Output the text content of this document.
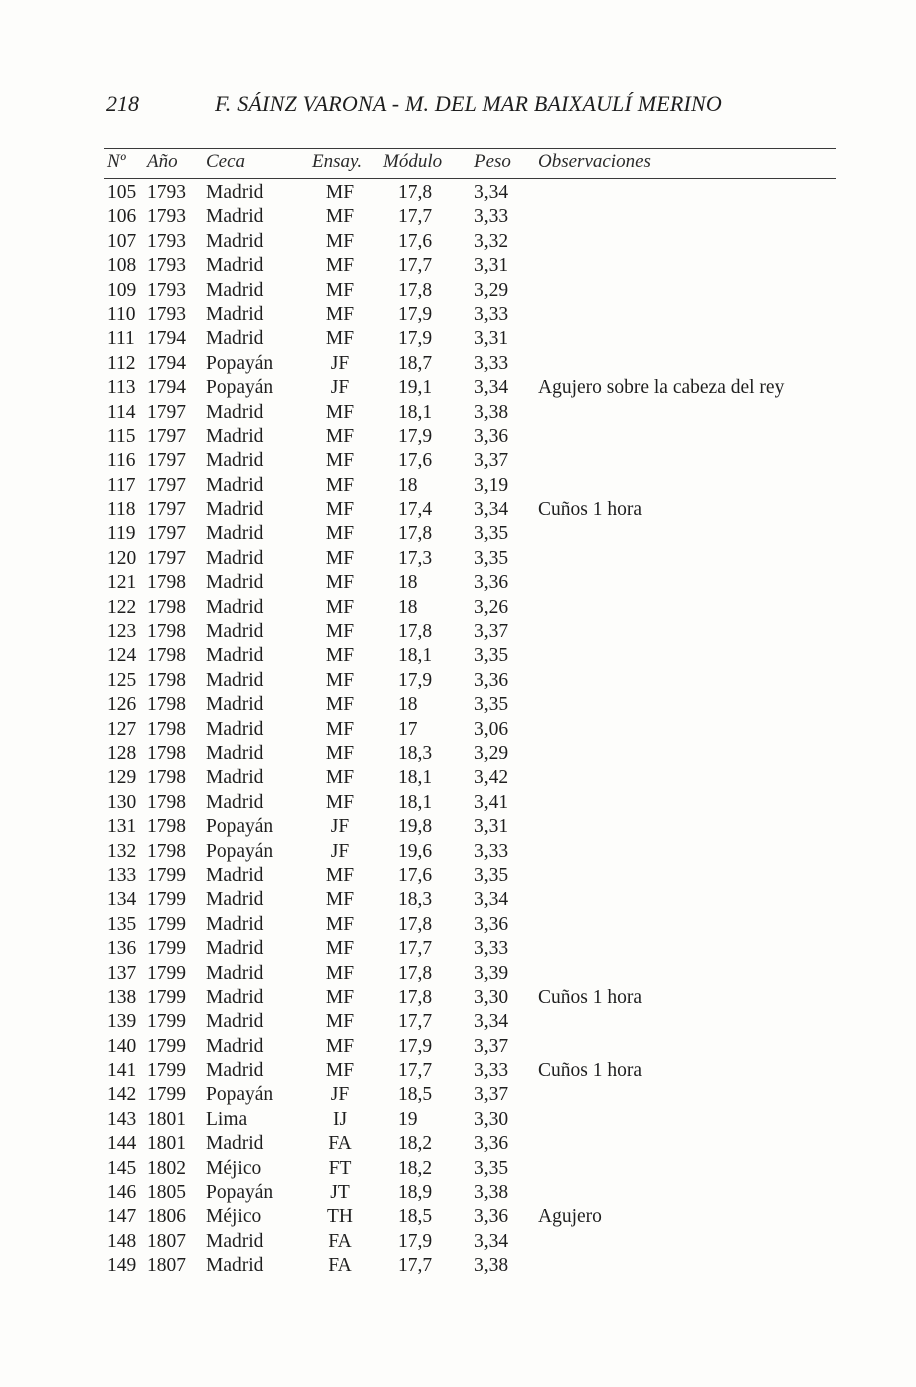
218	F. SÁINZ VARONA - M. DEL MAR BAIXAULÍ MERINO
Nº Año Ceca	Ensay. Módulo Peso Observaciones
105 1793 Madrid	MF	17,8 3,34
106 1793 Madrid	MF	17,7 3,33
107 1793 Madrid	MF	17,6 3,32
108 1793 Madrid	MF	17,7 3,31
109 1793 Madrid	MF	17,8 3,29
110 1793 Madrid	MF	17,9 3,33
111 1794 Madrid	MF	17,9 3,31
112 1794 Popayán	JF	18,7 3,33
113 1794 Popayán	JF	19,1 3,34 Agujero sobre la cabeza del rey
114 1797 Madrid	MF	18,1 3,38
115 1797 Madrid	MF	17,9 3,36
116 1797 Madrid	MF	17,6 3,37
117 1797 Madrid	MF	18	3,19
118 1797 Madrid	MF	17,4 3,34 Cuños 1 hora
119 1797 Madrid	MF	17,8 3,35
120 1797 Madrid	MF	17,3 3,35
121 1798 Madrid	MF	18	3,36
122 1798 Madrid	MF	18	3,26
123 1798 Madrid	MF	17,8 3,37
124 1798 Madrid	MF	18,1 3,35
125 1798 Madrid	MF	17,9 3,36
126 1798 Madrid	MF	18	3,35
127 1798 Madrid	MF	17	3,06
128 1798 Madrid	MF	18,3 3,29
129 1798 Madrid	MF	18,1 3,42
130 1798 Madrid	MF	18,1 3,41
131 1798 Popayán	JF	19,8 3,31
132 1798 Popayán	JF	19,6 3,33
133 1799 Madrid	MF	17,6 3,35
134 1799 Madrid	MF	18,3 3,34
135 1799 Madrid	MF	17,8 3,36
136 1799 Madrid	MF	17,7 3,33
137 1799 Madrid	MF	17,8 3,39
138 1799 Madrid	MF	17,8 3,30 Cuños 1 hora
139 1799 Madrid	MF	17,7 3,34
140 1799 Madrid	MF	17,9 3,37
141 1799 Madrid	MF	17,7 3,33 Cuños 1 hora
142 1799 Popayán	JF	18,5 3,37
143 1801 Lima	IJ	19	3,30
144 1801 Madrid	FA	18,2 3,36
145 1802 Méjico	FT	18,2 3,35
146 1805 Popayán	JT	18,9 3,38
147 1806 Méjico	TH	18,5 3,36 Agujero
148 1807 Madrid	FA	17,9 3,34
149 1807 Madrid	FA	17,7 3,38
